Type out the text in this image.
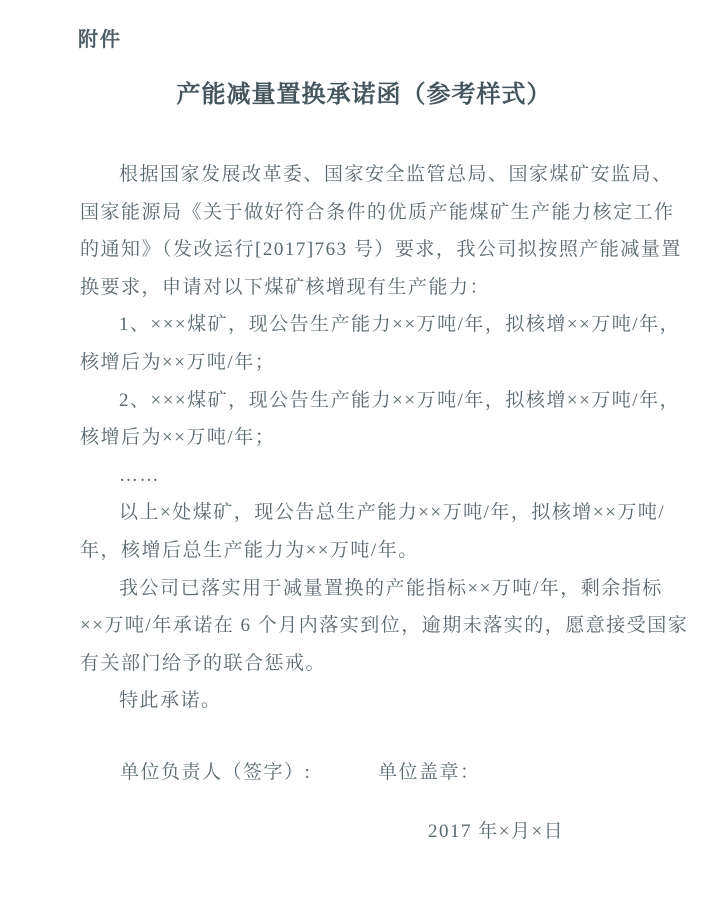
附件
产能减量置换承诺函（参考样式）
根据国家发展改革委、国家安全监管总局、国家煤矿安监局、
国家能源局《关于做好符合条件的优质产能煤矿生产能力核定工作
的通知》（发改运行[2017]763 号）要求，我公司拟按照产能减量置
换要求，申请对以下煤矿核增现有生产能力：
1、×××煤矿，现公告生产能力××万吨/年，拟核增××万吨/年，
核增后为××万吨/年；
2、×××煤矿，现公告生产能力××万吨/年，拟核增××万吨/年，
核增后为××万吨/年；
……
以上×处煤矿，现公告总生产能力××万吨/年，拟核增××万吨/
年，核增后总生产能力为××万吨/年。
我公司已落实用于减量置换的产能指标××万吨/年，剩余指标
××万吨/年承诺在 6 个月内落实到位，逾期未落实的，愿意接受国家
有关部门给予的联合惩戒。
特此承诺。
单位负责人（签字）:	单位盖章：
2017 年×月×日
